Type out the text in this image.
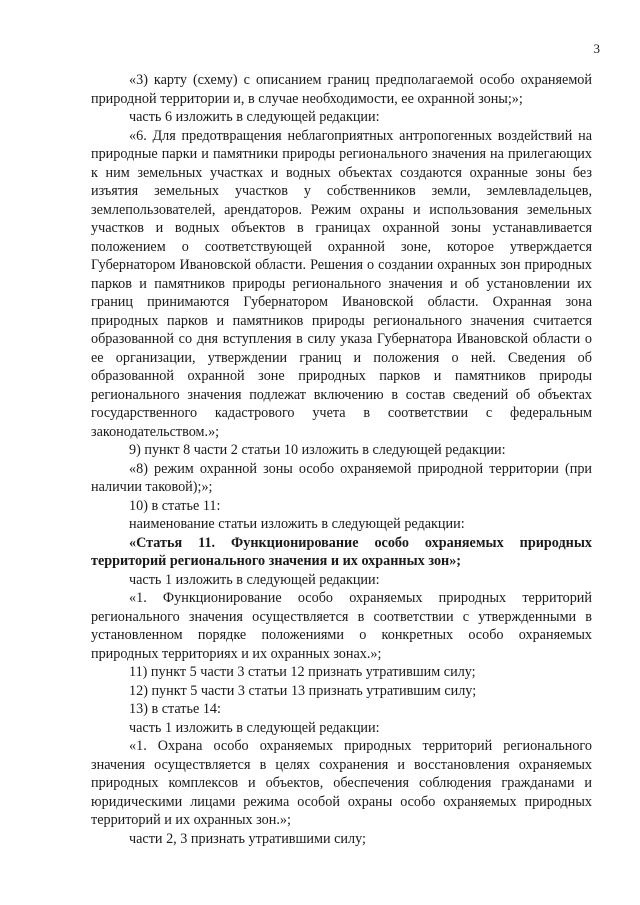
3

«3) карту (схему) с описанием границ предполагаемой особо охраняемой природной территории и, в случае необходимости, ее охранной зоны;»;

часть 6 изложить в следующей редакции:

«6. Для предотвращения неблагоприятных антропогенных воздействий на природные парки и памятники природы регионального значения на прилегающих к ним земельных участках и водных объектах создаются охранные зоны без изъятия земельных участков у собственников земли, землевладельцев, землепользователей, арендаторов. Режим охраны и использования земельных участков и водных объектов в границах охранной зоны устанавливается положением о соответствующей охранной зоне, которое утверждается Губернатором Ивановской области. Решения о создании охранных зон природных парков и памятников природы регионального значения и об установлении их границ принимаются Губернатором Ивановской области. Охранная зона природных парков и памятников природы регионального значения считается образованной со дня вступления в силу указа Губернатора Ивановской области о ее организации, утверждении границ и положения о ней. Сведения об образованной охранной зоне природных парков и памятников природы регионального значения подлежат включению в состав сведений об объектах государственного кадастрового учета в соответствии с федеральным законодательством.»;

9) пункт 8 части 2 статьи 10 изложить в следующей редакции:

«8) режим охранной зоны особо охраняемой природной территории (при наличии таковой);»;

10) в статье 11:

наименование статьи изложить в следующей редакции:

«Статья 11. Функционирование особо охраняемых природных территорий регионального значения и их охранных зон»;

часть 1 изложить в следующей редакции:

«1. Функционирование особо охраняемых природных территорий регионального значения осуществляется в соответствии с утвержденными в установленном порядке положениями о конкретных особо охраняемых природных территориях и их охранных зонах.»;

11) пункт 5 части 3 статьи 12 признать утратившим силу;

12) пункт 5 части 3 статьи 13 признать утратившим силу;

13) в статье 14:

часть 1 изложить в следующей редакции:

«1. Охрана особо охраняемых природных территорий регионального значения осуществляется в целях сохранения и восстановления охраняемых природных комплексов и объектов, обеспечения соблюдения гражданами и юридическими лицами режима особой охраны особо охраняемых природных территорий и их охранных зон.»;

части 2, 3 признать утратившими силу;
